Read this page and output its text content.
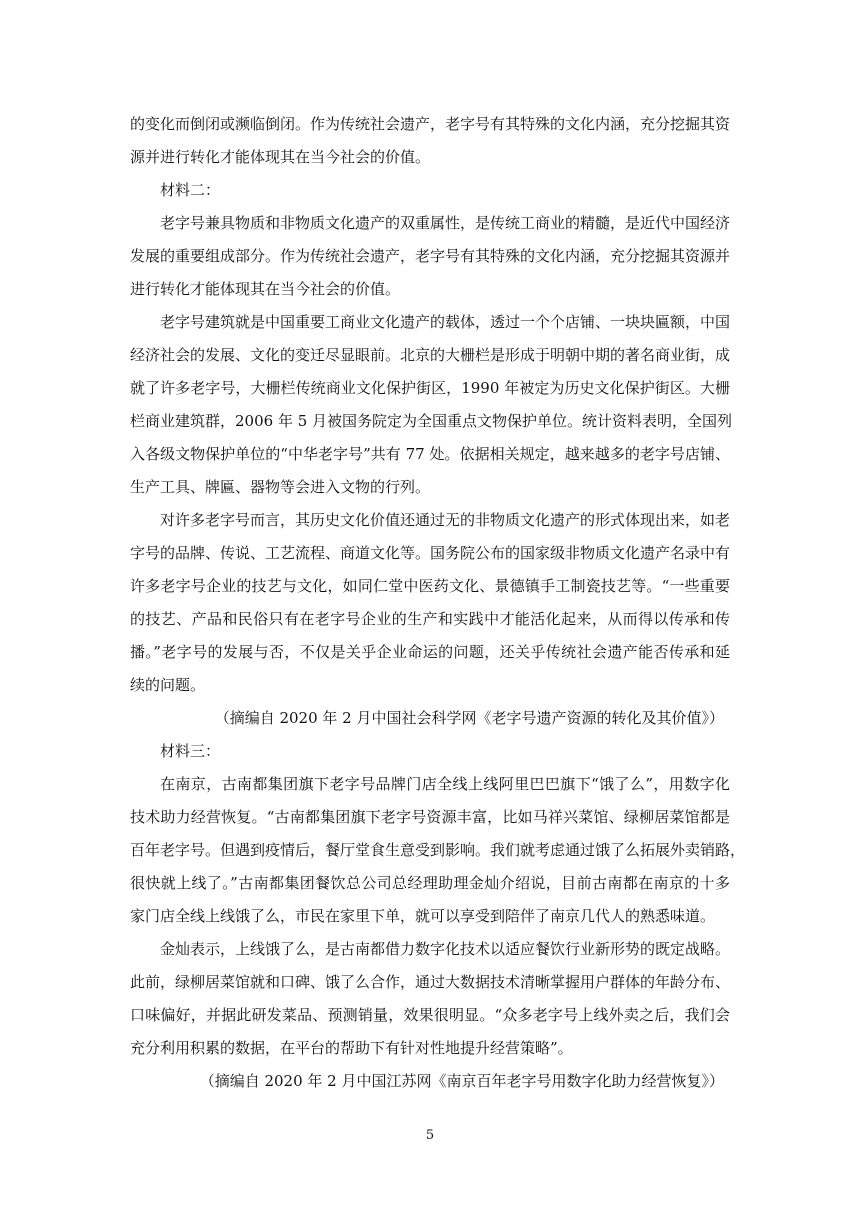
的变化而倒闭或濒临倒闭。作为传统社会遗产，老字号有其特殊的文化内涵，充分挖掘其资
源并进行转化才能体现其在当今社会的价值。
材料二：
老字号兼具物质和非物质文化遗产的双重属性，是传统工商业的精髓，是近代中国经济
发展的重要组成部分。作为传统社会遗产，老字号有其特殊的文化内涵，充分挖掘其资源并
进行转化才能体现其在当今社会的价值。
老字号建筑就是中国重要工商业文化遗产的载体，透过一个个店铺、一块块匾额，中国
经济社会的发展、文化的变迁尽显眼前。北京的大栅栏是形成于明朝中期的著名商业街，成
就了许多老字号，大栅栏传统商业文化保护街区，1990 年被定为历史文化保护街区。大栅
栏商业建筑群，2006 年 5 月被国务院定为全国重点文物保护单位。统计资料表明，全国列
入各级文物保护单位的“中华老字号”共有 77 处。依据相关规定，越来越多的老字号店铺、
生产工具、牌匾、器物等会进入文物的行列。
对许多老字号而言，其历史文化价值还通过无的非物质文化遗产的形式体现出来，如老
字号的品牌、传说、工艺流程、商道文化等。国务院公布的国家级非物质文化遗产名录中有
许多老字号企业的技艺与文化，如同仁堂中医药文化、景德镇手工制瓷技艺等。“一些重要
的技艺、产品和民俗只有在老字号企业的生产和实践中才能活化起来，从而得以传承和传
播。”老字号的发展与否，不仅是关乎企业命运的问题，还关乎传统社会遗产能否传承和延
续的问题。
（摘编自 2020 年 2 月中国社会科学网《老字号遗产资源的转化及其价值》）
材料三：
在南京，古南都集团旗下老字号品牌门店全线上线阿里巴巴旗下“饿了么”，用数字化
技术助力经营恢复。“古南都集团旗下老字号资源丰富，比如马祥兴菜馆、绿柳居菜馆都是
百年老字号。但遇到疫情后，餐厅堂食生意受到影响。我们就考虑通过饿了么拓展外卖销路，
很快就上线了。”古南都集团餐饮总公司总经理助理金灿介绍说，目前古南都在南京的十多
家门店全线上线饿了么，市民在家里下单，就可以享受到陪伴了南京几代人的熟悉味道。
金灿表示，上线饿了么，是古南都借力数字化技术以适应餐饮行业新形势的既定战略。
此前，绿柳居菜馆就和口碑、饿了么合作，通过大数据技术清晰掌握用户群体的年龄分布、
口味偏好，并据此研发菜品、预测销量，效果很明显。“众多老字号上线外卖之后，我们会
充分利用积累的数据，在平台的帮助下有针对性地提升经营策略”。
（摘编自 2020 年 2 月中国江苏网《南京百年老字号用数字化助力经营恢复》）
5
